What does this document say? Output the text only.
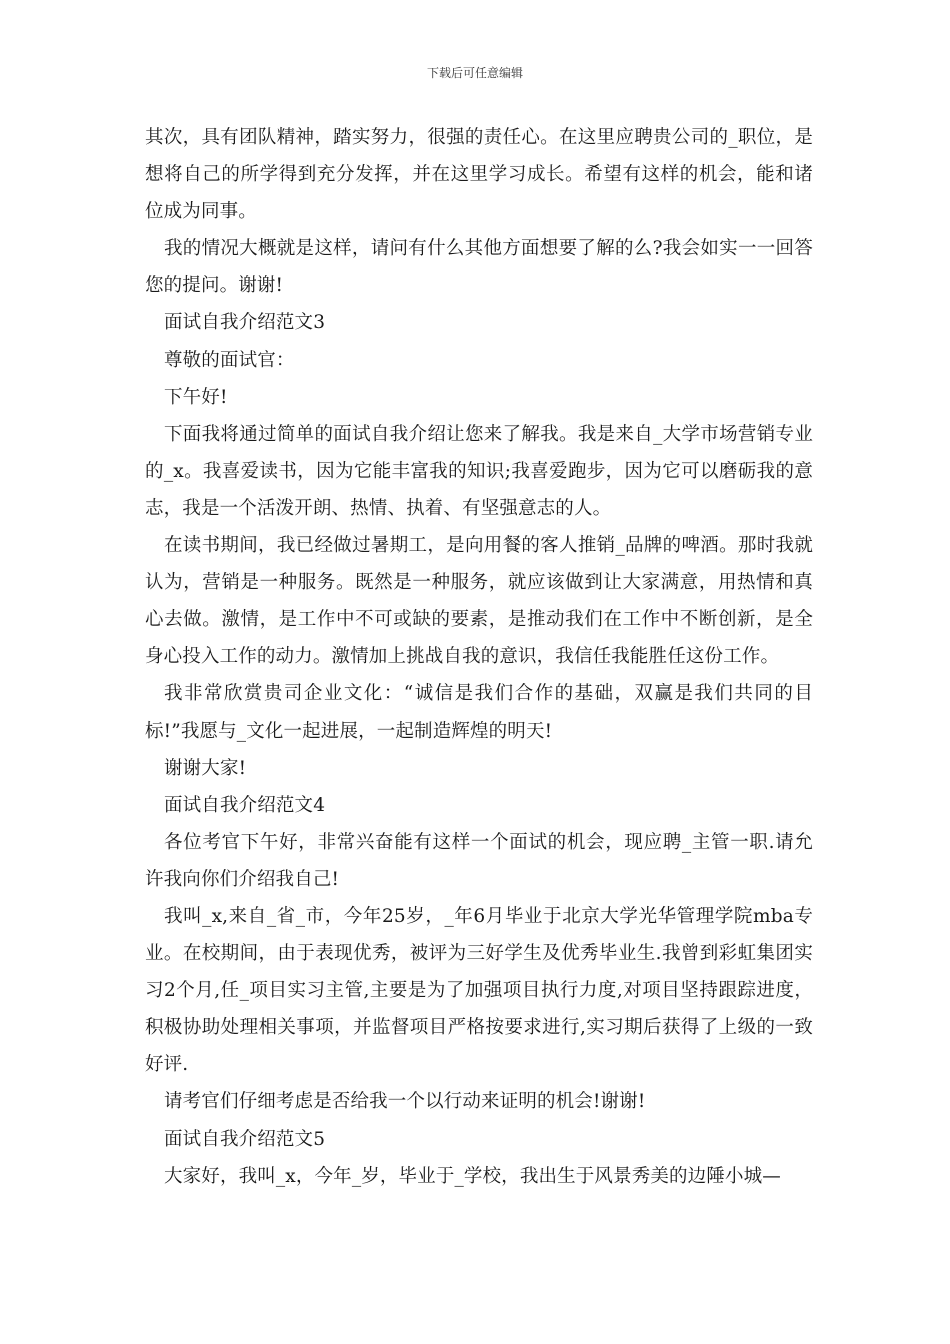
下载后可任意编辑

其次，具有团队精神，踏实努力，很强的责任心。在这里应聘贵公司的_职位，是想将自己的所学得到充分发挥，并在这里学习成长。希望有这样的机会，能和诸位成为同事。

我的情况大概就是这样，请问有什么其他方面想要了解的么?我会如实一一回答您的提问。谢谢!

面试自我介绍范文3

尊敬的面试官：

下午好!

下面我将通过简单的面试自我介绍让您来了解我。我是来自_大学市场营销专业的_x。我喜爱读书，因为它能丰富我的知识;我喜爱跑步，因为它可以磨砺我的意志，我是一个活泼开朗、热情、执着、有坚强意志的人。

在读书期间，我已经做过暑期工，是向用餐的客人推销_品牌的啤酒。那时我就认为，营销是一种服务。既然是一种服务，就应该做到让大家满意，用热情和真心去做。激情，是工作中不可或缺的要素，是推动我们在工作中不断创新，是全身心投入工作的动力。激情加上挑战自我的意识，我信任我能胜任这份工作。

我非常欣赏贵司企业文化：“诚信是我们合作的基础，双赢是我们共同的目标!”我愿与_文化一起进展，一起制造辉煌的明天!

谢谢大家!

面试自我介绍范文4

各位考官下午好，非常兴奋能有这样一个面试的机会，现应聘_主管一职.请允许我向你们介绍我自己!

我叫_x,来自_省_市，今年25岁，_年6月毕业于北京大学光华管理学院mba专业。在校期间，由于表现优秀，被评为三好学生及优秀毕业生.我曾到彩虹集团实习2个月,任_项目实习主管,主要是为了加强项目执行力度,对项目坚持跟踪进度，积极协助处理相关事项，并监督项目严格按要求进行,实习期后获得了上级的一致好评.

请考官们仔细考虑是否给我一个以行动来证明的机会!谢谢!

面试自我介绍范文5

大家好，我叫_x，今年_岁，毕业于_学校，我出生于风景秀美的边陲小城—
